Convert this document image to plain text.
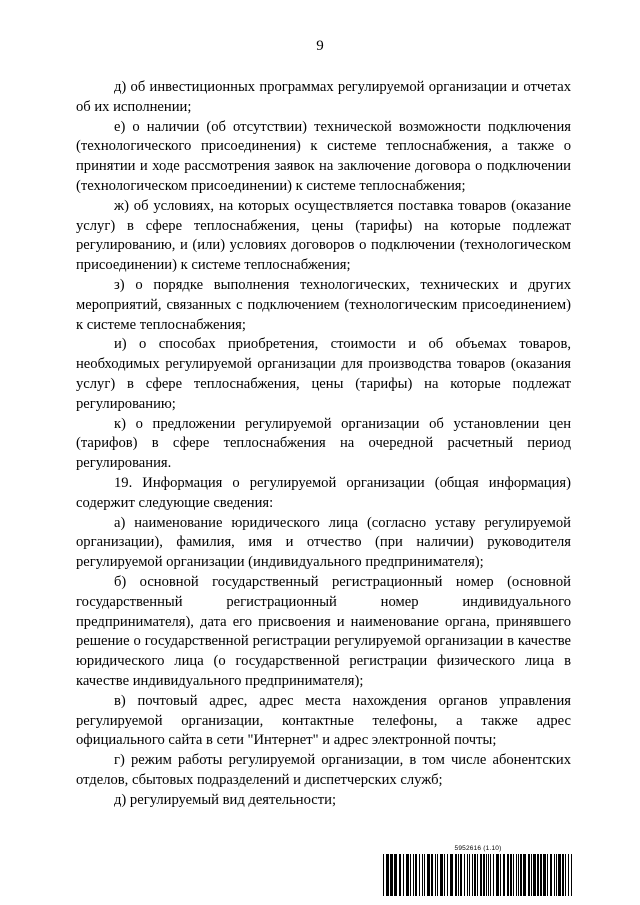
9

д) об инвестиционных программах регулируемой организации и отчетах об их исполнении;

е) о наличии (об отсутствии) технической возможности подключения (технологического присоединения) к системе теплоснабжения, а также о принятии и ходе рассмотрения заявок на заключение договора о подключении (технологическом присоединении) к системе теплоснабжения;

ж) об условиях, на которых осуществляется поставка товаров (оказание услуг) в сфере теплоснабжения, цены (тарифы) на которые подлежат регулированию, и (или) условиях договоров о подключении (технологическом присоединении) к системе теплоснабжения;

з) о порядке выполнения технологических, технических и других мероприятий, связанных с подключением (технологическим присоединением) к системе теплоснабжения;

и) о способах приобретения, стоимости и об объемах товаров, необходимых регулируемой организации для производства товаров (оказания услуг) в сфере теплоснабжения, цены (тарифы) на которые подлежат регулированию;

к) о предложении регулируемой организации об установлении цен (тарифов) в сфере теплоснабжения на очередной расчетный период регулирования.

19. Информация о регулируемой организации (общая информация) содержит следующие сведения:

а) наименование юридического лица (согласно уставу регулируемой организации), фамилия, имя и отчество (при наличии) руководителя регулируемой организации (индивидуального предпринимателя);

б) основной государственный регистрационный номер (основной государственный регистрационный номер индивидуального предпринимателя), дата его присвоения и наименование органа, принявшего решение о государственной регистрации регулируемой организации в качестве юридического лица (о государственной регистрации физического лица в качестве индивидуального предпринимателя);

в) почтовый адрес, адрес места нахождения органов управления регулируемой организации, контактные телефоны, а также адрес официального сайта в сети "Интернет" и адрес электронной почты;

г) режим работы регулируемой организации, в том числе абонентских отделов, сбытовых подразделений и диспетчерских служб;

д) регулируемый вид деятельности;

5952616 (1.10)
